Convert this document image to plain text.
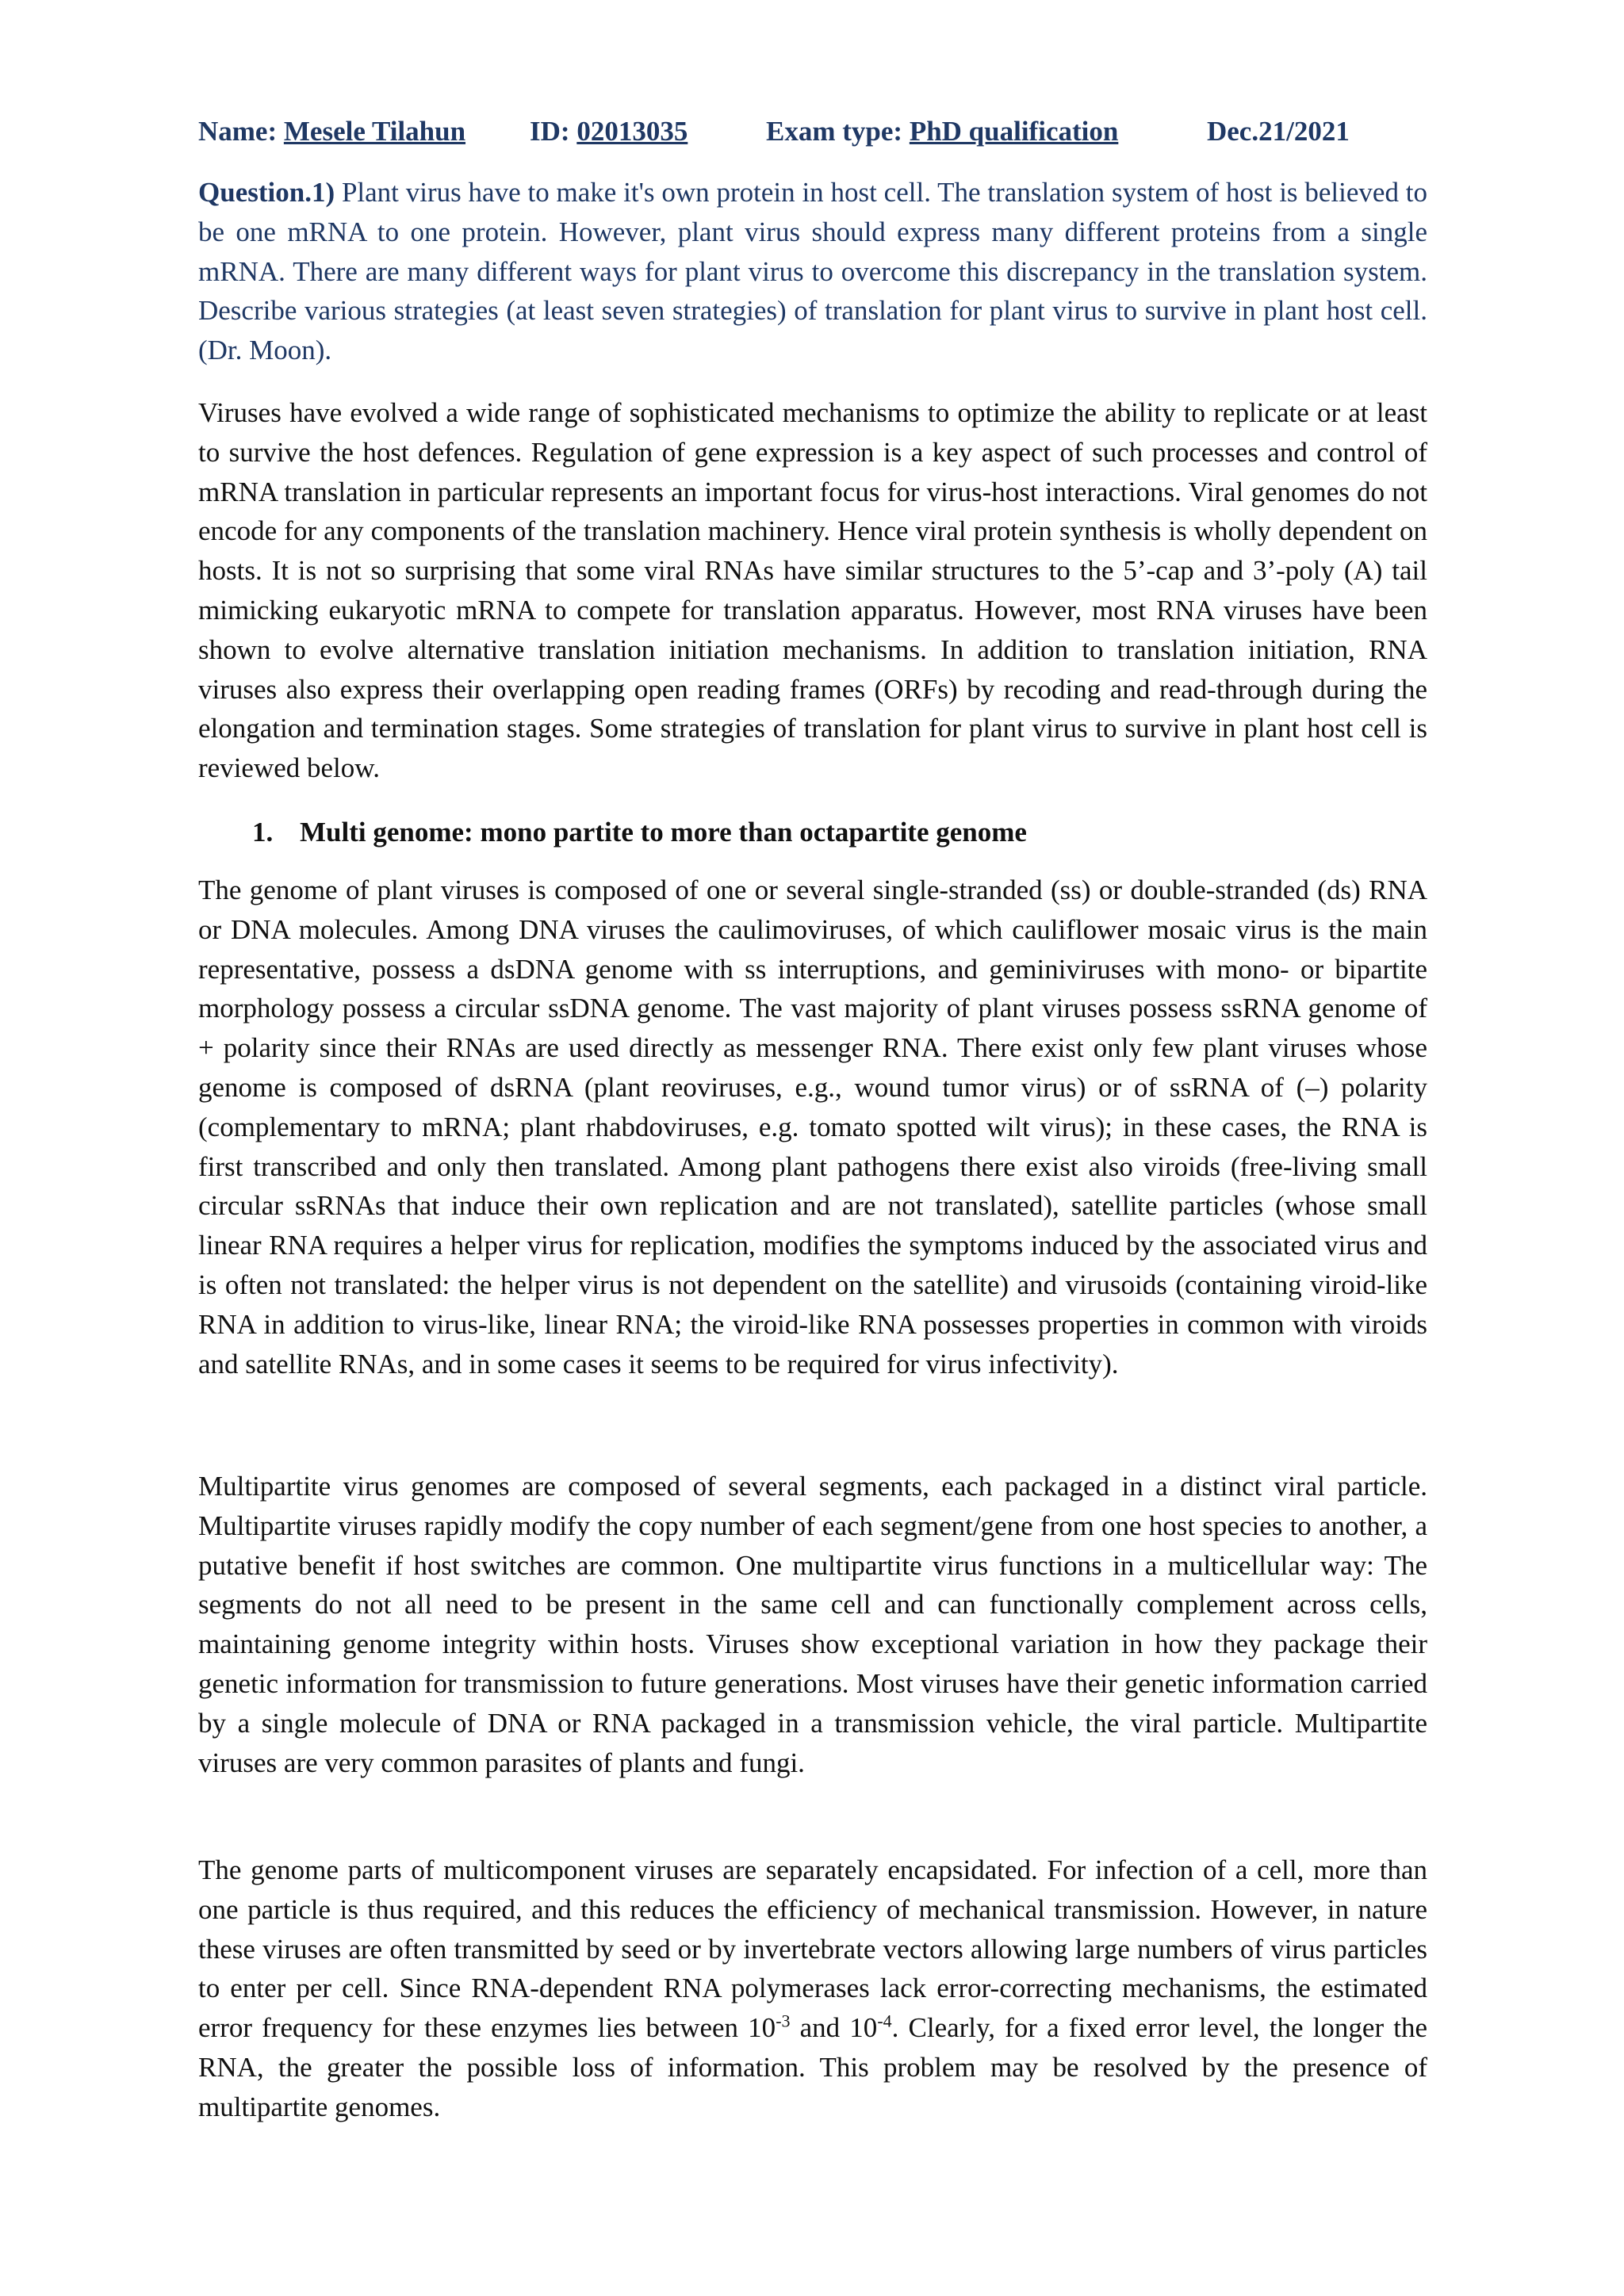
Name: Mesele Tilahun ID: 02013035	Exam type: PhD qualification	Dec.21/2021
Question.1) Plant virus have to make it's own protein in host cell. The translation system of host is believed to be one mRNA to one protein. However, plant virus should express many different proteins from a single mRNA. There are many different ways for plant virus to overcome this discrepancy in the translation system. Describe various strategies (at least seven strategies) of translation for plant virus to survive in plant host cell. (Dr. Moon).
Viruses have evolved a wide range of sophisticated mechanisms to optimize the ability to replicate or at least to survive the host defences. Regulation of gene expression is a key aspect of such processes and control of mRNA translation in particular represents an important focus for virus-host interactions. Viral genomes do not encode for any components of the translation machinery. Hence viral protein synthesis is wholly dependent on hosts. It is not so surprising that some viral RNAs have similar structures to the 5’-cap and 3’-poly (A) tail mimicking eukaryotic mRNA to compete for translation apparatus. However, most RNA viruses have been shown to evolve alternative translation initiation mechanisms. In addition to translation initiation, RNA viruses also express their overlapping open reading frames (ORFs) by recoding and read-through during the elongation and termination stages. Some strategies of translation for plant virus to survive in plant host cell is reviewed below.
1. Multi genome: mono partite to more than octapartite genome
The genome of plant viruses is composed of one or several single-stranded (ss) or double-stranded (ds) RNA or DNA molecules. Among DNA viruses the caulimoviruses, of which cauliflower mosaic virus is the main representative, possess a dsDNA genome with ss interruptions, and geminiviruses with mono- or bipartite morphology possess a circular ssDNA genome. The vast majority of plant viruses possess ssRNA genome of + polarity since their RNAs are used directly as messenger RNA. There exist only few plant viruses whose genome is composed of dsRNA (plant reoviruses, e.g., wound tumor virus) or of ssRNA of (–) polarity (complementary to mRNA; plant rhabdoviruses, e.g. tomato spotted wilt virus); in these cases, the RNA is first transcribed and only then translated. Among plant pathogens there exist also viroids (free-living small circular ssRNAs that induce their own replication and are not translated), satellite particles (whose small linear RNA requires a helper virus for replication, modifies the symptoms induced by the associated virus and is often not translated: the helper virus is not dependent on the satellite) and virusoids (containing viroid-like RNA in addition to virus-like, linear RNA; the viroid-like RNA possesses properties in common with viroids and satellite RNAs, and in some cases it seems to be required for virus infectivity).
Multipartite virus genomes are composed of several segments, each packaged in a distinct viral particle. Multipartite viruses rapidly modify the copy number of each segment/gene from one host species to another, a putative benefit if host switches are common. One multipartite virus functions in a multicellular way: The segments do not all need to be present in the same cell and can functionally complement across cells, maintaining genome integrity within hosts. Viruses show exceptional variation in how they package their genetic information for transmission to future generations. Most viruses have their genetic information carried by a single molecule of DNA or RNA packaged in a transmission vehicle, the viral particle. Multipartite viruses are very common parasites of plants and fungi.
The genome parts of multicomponent viruses are separately encapsidated. For infection of a cell, more than one particle is thus required, and this reduces the efficiency of mechanical transmission. However, in nature these viruses are often transmitted by seed or by invertebrate vectors allowing large numbers of virus particles to enter per cell. Since RNA-dependent RNA polymerases lack error-correcting mechanisms, the estimated error frequency for these enzymes lies between $10^{-3}$ and $10^{-4}$. Clearly, for a fixed error level, the longer the RNA, the greater the possible loss of information. This problem may be resolved by the presence of multipartite genomes.
